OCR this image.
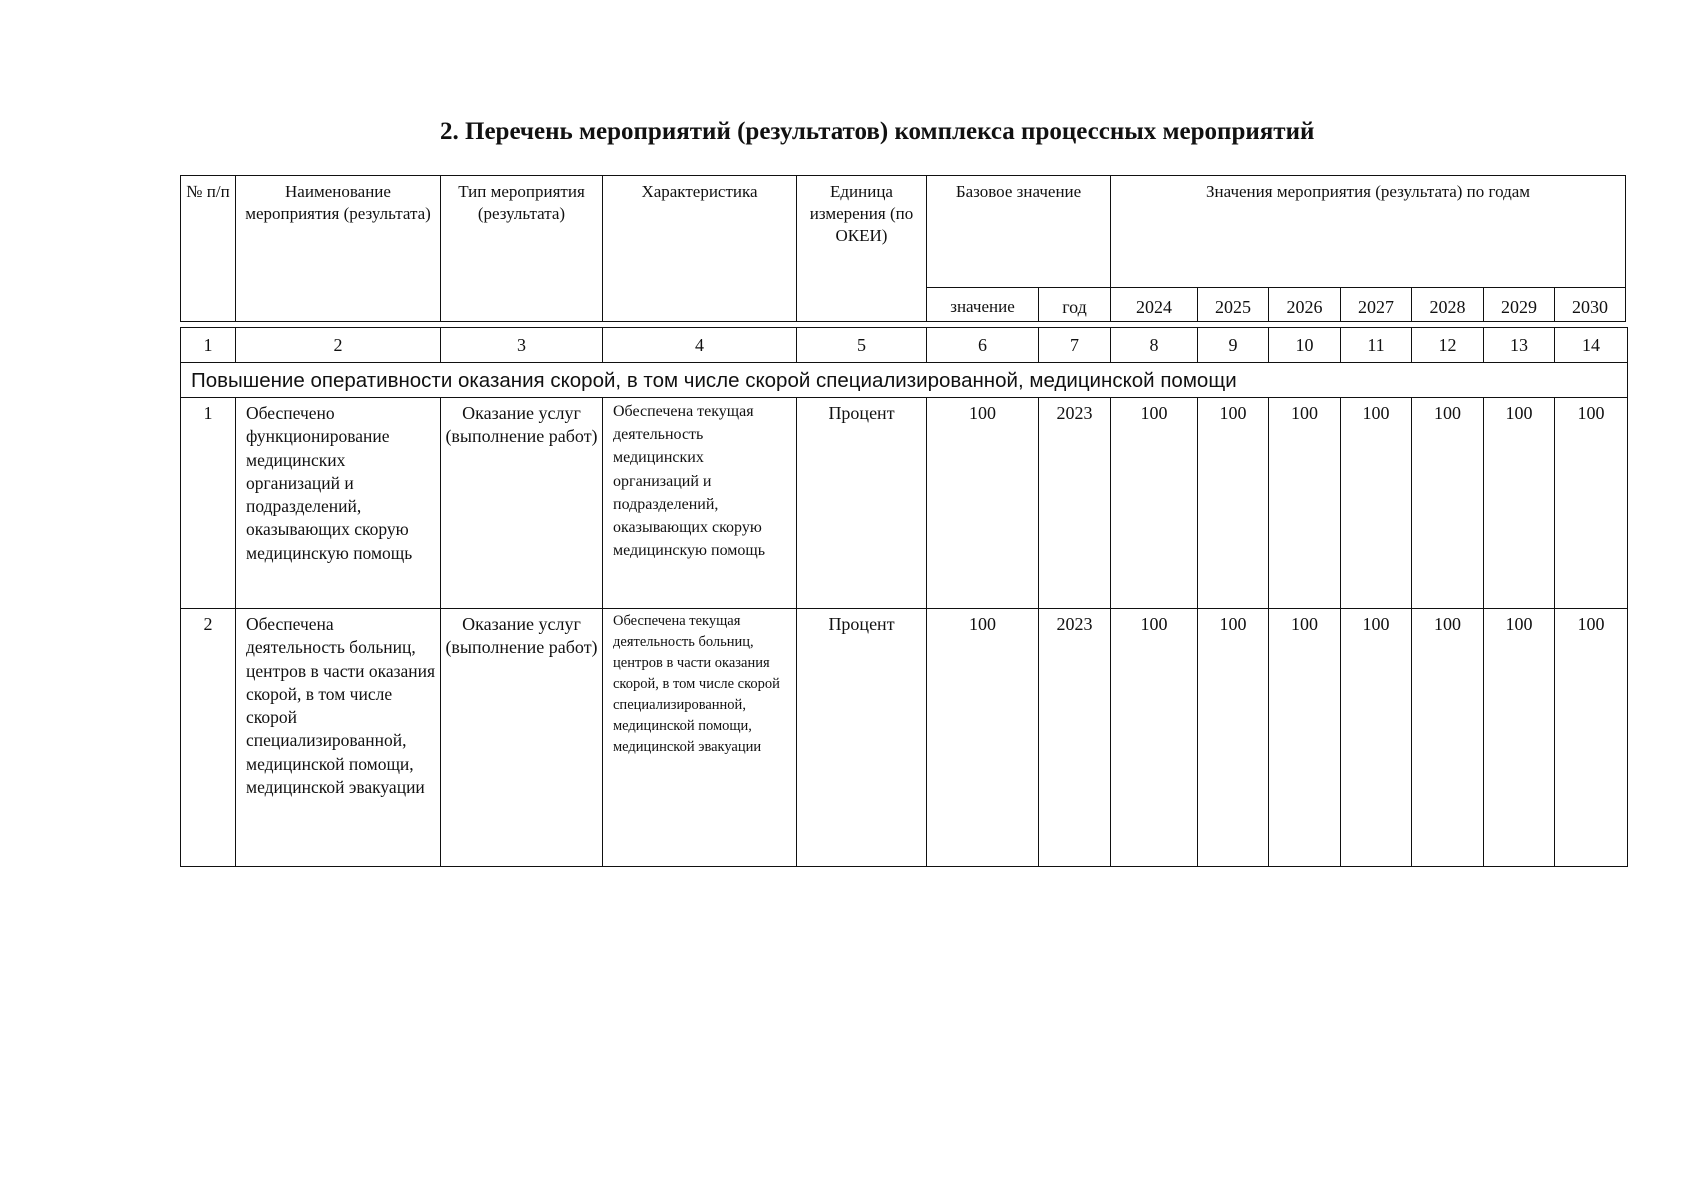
2. Перечень мероприятий (результатов) комплекса процессных мероприятий
№ п/п	Наименование мероприятия (результата)	Тип мероприятия (результата)	Характеристика	Единица измерения (по ОКЕИ)	Базовое значение		Значения мероприятия (результата) по годам						
					значение	год	2024	2025	2026	2027	2028	2029	2030
1	2	3	4	5	6	7	8	9	10	11	12	13	14
Повышение оперативности оказания скорой, в том числе скорой специализированной, медицинской помощи													
1	Обеспечено функционирование медицинских организаций и подразделений, оказывающих скорую медицинскую помощь	Оказание услуг (выполнение работ)	Обеспечена текущая деятельность медицинских организаций и подразделений, оказывающих скорую медицинскую помощь	Процент	100	2023	100	100	100	100	100	100	100
2	Обеспечена деятельность больниц, центров в части оказания скорой, в том числе скорой специализированной, медицинской помощи, медицинской эвакуации	Оказание услуг (выполнение работ)	Обеспечена текущая деятельность больниц, центров в части оказания скорой, в том числе скорой специализированной, медицинской помощи, медицинской эвакуации	Процент	100	2023	100	100	100	100	100	100	100
